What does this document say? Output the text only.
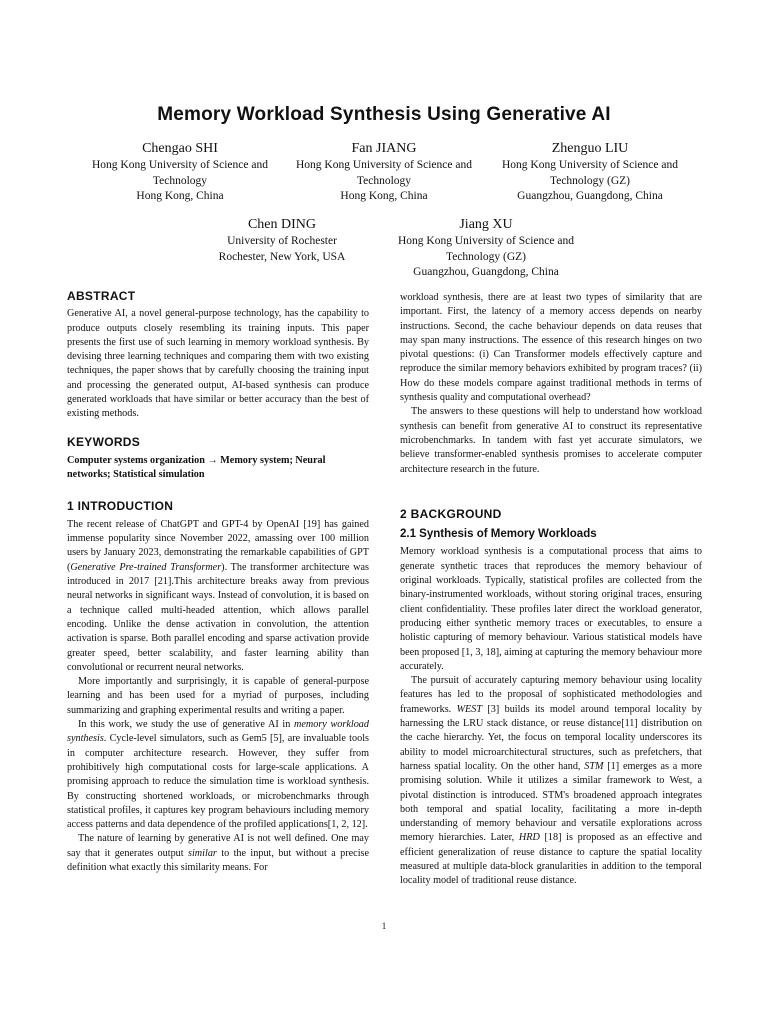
Memory Workload Synthesis Using Generative AI
Chengao SHI
Hong Kong University of Science and
Technology
Hong Kong, China
Fan JIANG
Hong Kong University of Science and
Technology
Hong Kong, China
Zhenguo LIU
Hong Kong University of Science and
Technology (GZ)
Guangzhou, Guangdong, China
Chen DING
University of Rochester
Rochester, New York, USA
Jiang XU
Hong Kong University of Science and
Technology (GZ)
Guangzhou, Guangdong, China
ABSTRACT

Generative AI, a novel general-purpose technology, has the capability to produce outputs closely resembling its training inputs. This paper presents the first use of such learning in memory workload synthesis. By devising three learning techniques and comparing them with two existing techniques, the paper shows that by carefully choosing the training input and processing the generated output, AI-based synthesis can produce generated workloads that have similar or better accuracy than the best of existing methods.

KEYWORDS

Computer systems organization → Memory system; Neural networks; Statistical simulation

1 INTRODUCTION

The recent release of ChatGPT and GPT-4 by OpenAI [19] has gained immense popularity since November 2022, amassing over 100 million users by January 2023, demonstrating the remarkable capabilities of GPT (Generative Pre-trained Transformer). The transformer architecture was introduced in 2017 [21].This architecture breaks away from previous neural networks in significant ways. Instead of convolution, it is based on a technique called multi-headed attention, which allows parallel encoding. Unlike the dense activation in convolution, the attention activation is sparse. Both parallel encoding and sparse activation provide greater speed, better scalability, and faster learning ability than convolutional or recurrent neural networks.

More importantly and surprisingly, it is capable of general-purpose learning and has been used for a myriad of purposes, including summarizing and graphing experimental results and writing a paper.

In this work, we study the use of generative AI in memory workload synthesis. Cycle-level simulators, such as Gem5 [5], are invaluable tools in computer architecture research. However, they suffer from prohibitively high computational costs for large-scale applications. A promising approach to reduce the simulation time is workload synthesis. By constructing shortened workloads, or microbenchmarks through statistical profiles, it captures key program behaviours including memory access patterns and data dependence of the profiled applications[1, 2, 12].

The nature of learning by generative AI is not well defined. One may say that it generates output similar to the input, but without a precise definition what exactly this similarity means. For

workload synthesis, there are at least two types of similarity that are important. First, the latency of a memory access depends on nearby instructions. Second, the cache behaviour depends on data reuses that may span many instructions. The essence of this research hinges on two pivotal questions: (i) Can Transformer models effectively capture and reproduce the similar memory behaviors exhibited by program traces? (ii) How do these models compare against traditional methods in terms of synthesis quality and computational overhead?

The answers to these questions will help to understand how workload synthesis can benefit from generative AI to construct its representative microbenchmarks. In tandem with fast yet accurate simulators, we believe transformer-enabled synthesis promises to accelerate computer architecture research in the future.

2 BACKGROUND
2.1 Synthesis of Memory Workloads

Memory workload synthesis is a computational process that aims to generate synthetic traces that reproduces the memory behaviour of original workloads. Typically, statistical profiles are collected from the binary-instrumented workloads, without storing original traces, ensuring client confidentiality. These profiles later direct the workload generator, producing either synthetic memory traces or executables, to ensure a holistic capturing of memory behaviour. Various statistical models have been proposed [1, 3, 18], aiming at capturing the memory behaviour more accurately.

The pursuit of accurately capturing memory behaviour using locality features has led to the proposal of sophisticated methodologies and frameworks. WEST [3] builds its model around temporal locality by harnessing the LRU stack distance, or reuse distance[11] distribution on the cache hierarchy. Yet, the focus on temporal locality underscores its ability to model microarchitectural structures, such as prefetchers, that harness spatial locality. On the other hand, STM [1] emerges as a more promising solution. While it utilizes a similar framework to West, a pivotal distinction is introduced. STM's broadened approach integrates both temporal and spatial locality, facilitating a more in-depth understanding of memory behaviour and versatile explorations across memory hierarchies. Later, HRD [18] is proposed as an effective and efficient generalization of reuse distance to capture the spatial locality measured at multiple data-block granularities in addition to the temporal locality model of traditional reuse distance.

1
